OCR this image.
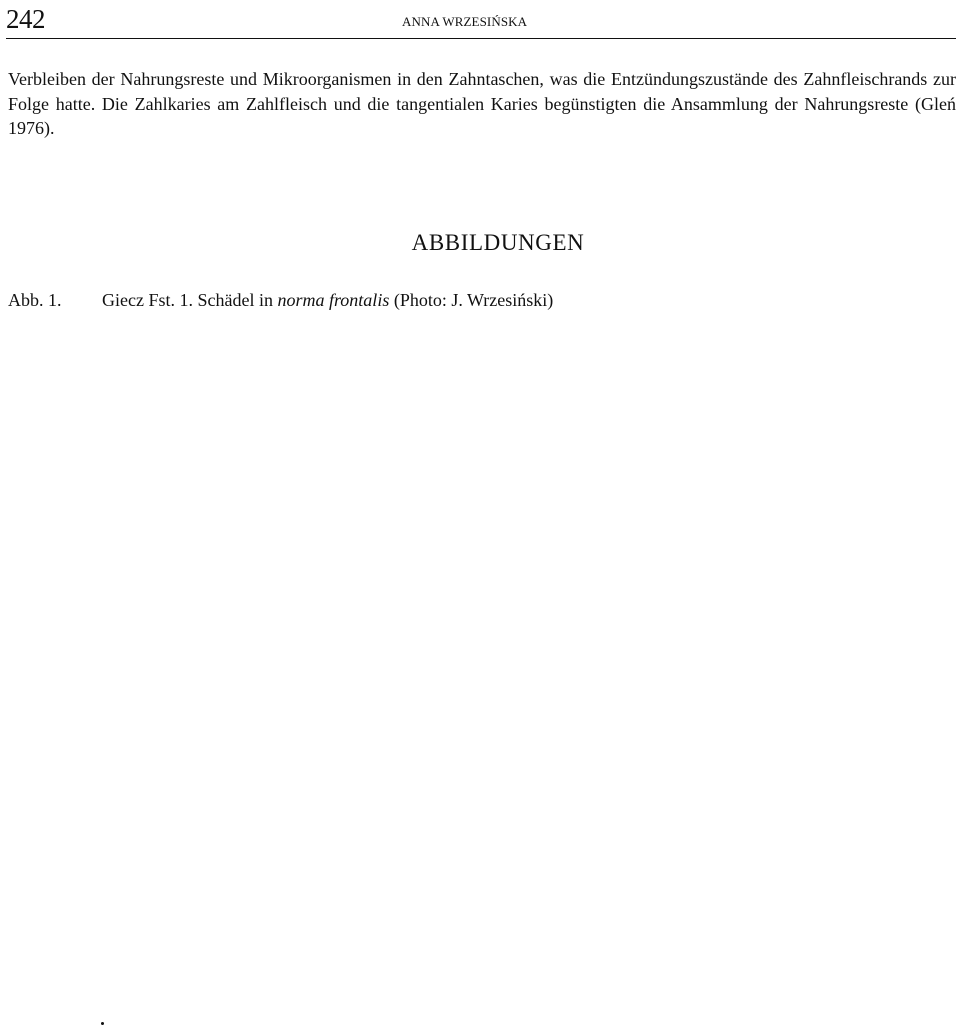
242	ANNA WRZESIŃSKA

Verbleiben der Nahrungsreste und Mikroorganismen in den Zahntaschen, was die Entzündungszustände des Zahnfleischrands zur Folge hatte. Die Zahlkaries am Zahlfleisch und die tangentialen Karies begünstigten die Ansammlung der Nahrungsreste (Gleń 1976).

ABBILDUNGEN
Abb. 1. Giecz Fst. 1. Schädel in norma frontalis (Photo: J. Wrzesiński)
